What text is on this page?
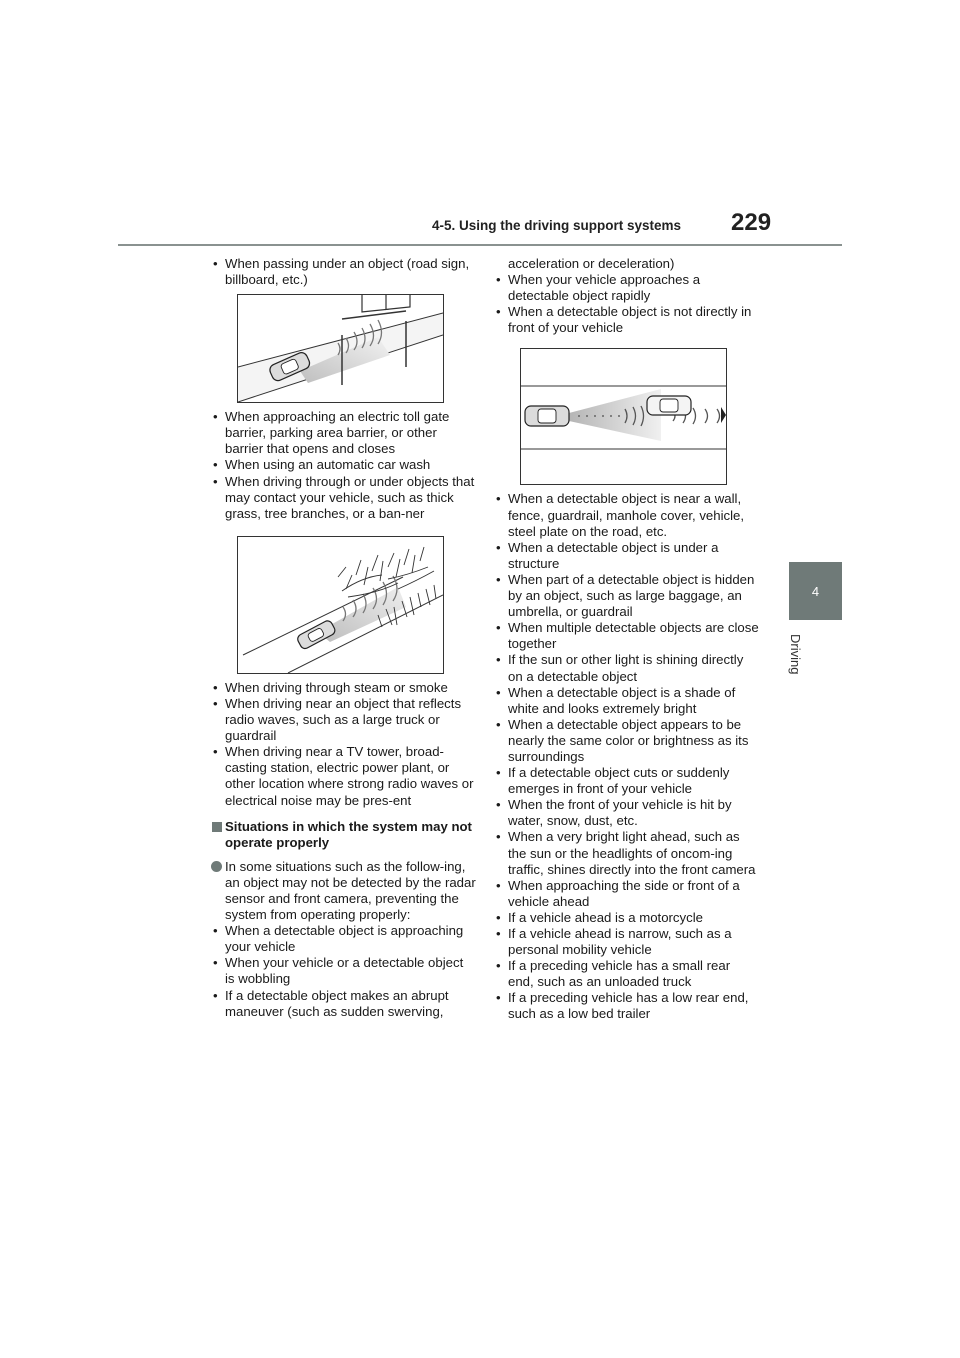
4-5. Using the driving support systems 229
4
Driving
• When passing under an object (road sign, billboard, etc.)
• When approaching an electric toll gate barrier, parking area barrier, or other barrier that opens and closes
• When using an automatic car wash
• When driving through or under objects that may contact your vehicle, such as thick grass, tree branches, or a ban-ner
• When driving through steam or smoke
• When driving near an object that reflects radio waves, such as a large truck or guardrail
• When driving near a TV tower, broad-casting station, electric power plant, or other location where strong radio waves or electrical noise may be pres-ent
Situations in which the system may not operate properly
In some situations such as the follow-ing, an object may not be detected by the radar sensor and front camera, preventing the system from operating properly:
• When a detectable object is approaching your vehicle
• When your vehicle or a detectable object is wobbling
• If a detectable object makes an abrupt maneuver (such as sudden swerving,
acceleration or deceleration)
• When your vehicle approaches a detectable object rapidly
• When a detectable object is not directly in front of your vehicle
• When a detectable object is near a wall, fence, guardrail, manhole cover, vehicle, steel plate on the road, etc.
• When a detectable object is under a structure
• When part of a detectable object is hidden by an object, such as large baggage, an umbrella, or guardrail
• When multiple detectable objects are close together
• If the sun or other light is shining directly on a detectable object
• When a detectable object is a shade of white and looks extremely bright
• When a detectable object appears to be nearly the same color or brightness as its surroundings
• If a detectable object cuts or suddenly emerges in front of your vehicle
• When the front of your vehicle is hit by water, snow, dust, etc.
• When a very bright light ahead, such as the sun or the headlights of oncom-ing traffic, shines directly into the front camera
• When approaching the side or front of a vehicle ahead
• If a vehicle ahead is a motorcycle
• If a vehicle ahead is narrow, such as a personal mobility vehicle
• If a preceding vehicle has a small rear end, such as an unloaded truck
• If a preceding vehicle has a low rear end, such as a low bed trailer
